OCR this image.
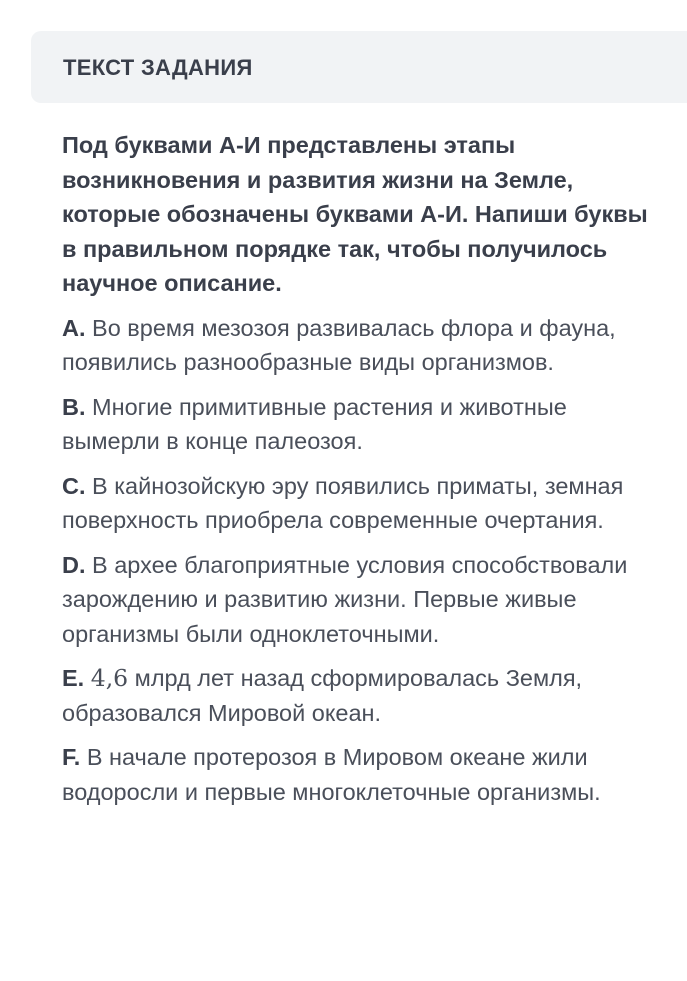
ТЕКСТ ЗАДАНИЯ

Под буквами А-И представлены этапы возникновения и развития жизни на Земле, которые обозначены буквами А-И. Напиши буквы в правильном порядке так, чтобы получилось научное описание.

A. Во время мезозоя развивалась флора и фауна, появились разнообразные виды организмов.

B. Многие примитивные растения и животные вымерли в конце палеозоя.

C. В кайнозойскую эру появились приматы, земная поверхность приобрела современные очертания.

D. В архее благоприятные условия способствовали зарождению и развитию жизни. Первые живые организмы были одноклеточными.

E. 4,6 млрд лет назад сформировалась Земля, образовался Мировой океан.

F. В начале протерозоя в Мировом океане жили водоросли и первые многоклеточные организмы.
